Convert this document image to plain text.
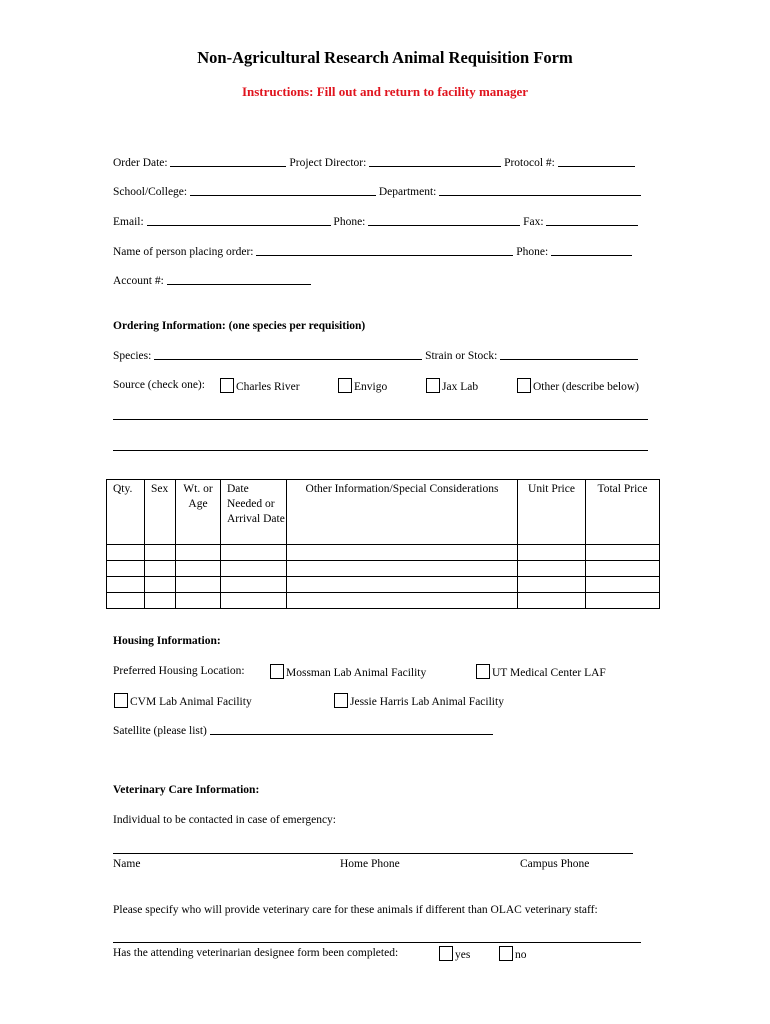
Non-Agricultural Research Animal Requisition Form
Instructions: Fill out and return to facility manager
Order Date:	Project Director:	Protocol #:
School/College:	Department:
Email:	Phone:	Fax:
Name of person placing order:	Phone:
Account #:
Ordering Information: (one species per requisition)
Species:	Strain or Stock:
Source (check one):	Charles River	Envigo	Jax Lab	Other (describe below)
Qty.	Sex	Wt. or Age	Date Needed or Arrival Date	Other Information/Special Considerations	Unit Price	Total Price

Housing Information:
Preferred Housing Location:	Mossman Lab Animal Facility	UT Medical Center LAF
CVM Lab Animal Facility	Jessie Harris Lab Animal Facility
Satellite (please list)
Veterinary Care Information:
Individual to be contacted in case of emergency:
Name	Home Phone	Campus Phone
Please specify who will provide veterinary care for these animals if different than OLAC veterinary staff:
Has the attending veterinarian designee form been completed:	yes	no
